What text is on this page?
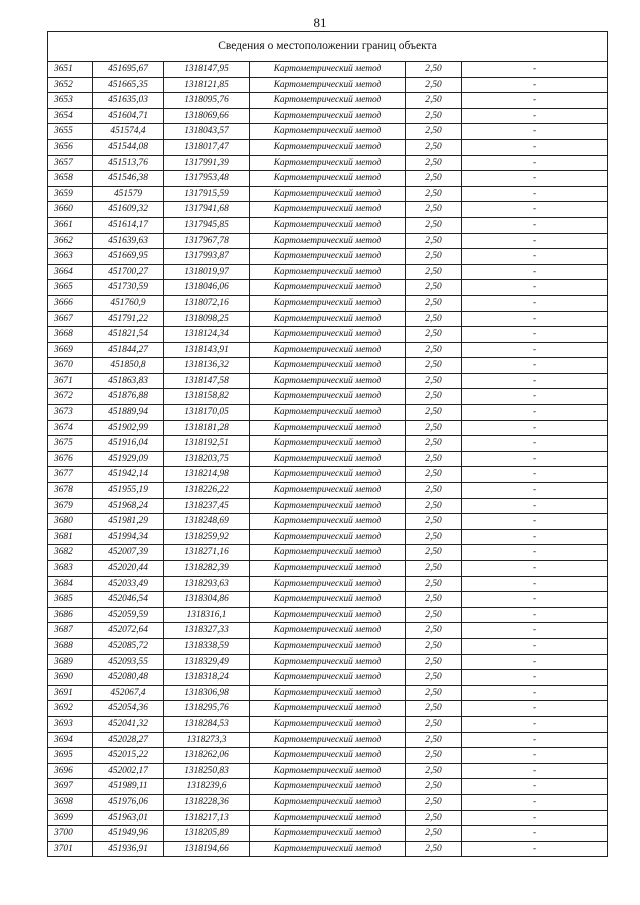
81
Сведения о местоположении границ объекта
3651	451695,67	1318147,95	Картометрический метод	2,50	-
3652	451665,35	1318121,85	Картометрический метод	2,50	-
3653	451635,03	1318095,76	Картометрический метод	2,50	-
3654	451604,71	1318069,66	Картометрический метод	2,50	-
3655	451574,4	1318043,57	Картометрический метод	2,50	-
3656	451544,08	1318017,47	Картометрический метод	2,50	-
3657	451513,76	1317991,39	Картометрический метод	2,50	-
3658	451546,38	1317953,48	Картометрический метод	2,50	-
3659	451579	1317915,59	Картометрический метод	2,50	-
3660	451609,32	1317941,68	Картометрический метод	2,50	-
3661	451614,17	1317945,85	Картометрический метод	2,50	-
3662	451639,63	1317967,78	Картометрический метод	2,50	-
3663	451669,95	1317993,87	Картометрический метод	2,50	-
3664	451700,27	1318019,97	Картометрический метод	2,50	-
3665	451730,59	1318046,06	Картометрический метод	2,50	-
3666	451760,9	1318072,16	Картометрический метод	2,50	-
3667	451791,22	1318098,25	Картометрический метод	2,50	-
3668	451821,54	1318124,34	Картометрический метод	2,50	-
3669	451844,27	1318143,91	Картометрический метод	2,50	-
3670	451850,8	1318136,32	Картометрический метод	2,50	-
3671	451863,83	1318147,58	Картометрический метод	2,50	-
3672	451876,88	1318158,82	Картометрический метод	2,50	-
3673	451889,94	1318170,05	Картометрический метод	2,50	-
3674	451902,99	1318181,28	Картометрический метод	2,50	-
3675	451916,04	1318192,51	Картометрический метод	2,50	-
3676	451929,09	1318203,75	Картометрический метод	2,50	-
3677	451942,14	1318214,98	Картометрический метод	2,50	-
3678	451955,19	1318226,22	Картометрический метод	2,50	-
3679	451968,24	1318237,45	Картометрический метод	2,50	-
3680	451981,29	1318248,69	Картометрический метод	2,50	-
3681	451994,34	1318259,92	Картометрический метод	2,50	-
3682	452007,39	1318271,16	Картометрический метод	2,50	-
3683	452020,44	1318282,39	Картометрический метод	2,50	-
3684	452033,49	1318293,63	Картометрический метод	2,50	-
3685	452046,54	1318304,86	Картометрический метод	2,50	-
3686	452059,59	1318316,1	Картометрический метод	2,50	-
3687	452072,64	1318327,33	Картометрический метод	2,50	-
3688	452085,72	1318338,59	Картометрический метод	2,50	-
3689	452093,55	1318329,49	Картометрический метод	2,50	-
3690	452080,48	1318318,24	Картометрический метод	2,50	-
3691	452067,4	1318306,98	Картометрический метод	2,50	-
3692	452054,36	1318295,76	Картометрический метод	2,50	-
3693	452041,32	1318284,53	Картометрический метод	2,50	-
3694	452028,27	1318273,3	Картометрический метод	2,50	-
3695	452015,22	1318262,06	Картометрический метод	2,50	-
3696	452002,17	1318250,83	Картометрический метод	2,50	-
3697	451989,11	1318239,6	Картометрический метод	2,50	-
3698	451976,06	1318228,36	Картометрический метод	2,50	-
3699	451963,01	1318217,13	Картометрический метод	2,50	-
3700	451949,96	1318205,89	Картометрический метод	2,50	-
3701	451936,91	1318194,66	Картометрический метод	2,50	-
